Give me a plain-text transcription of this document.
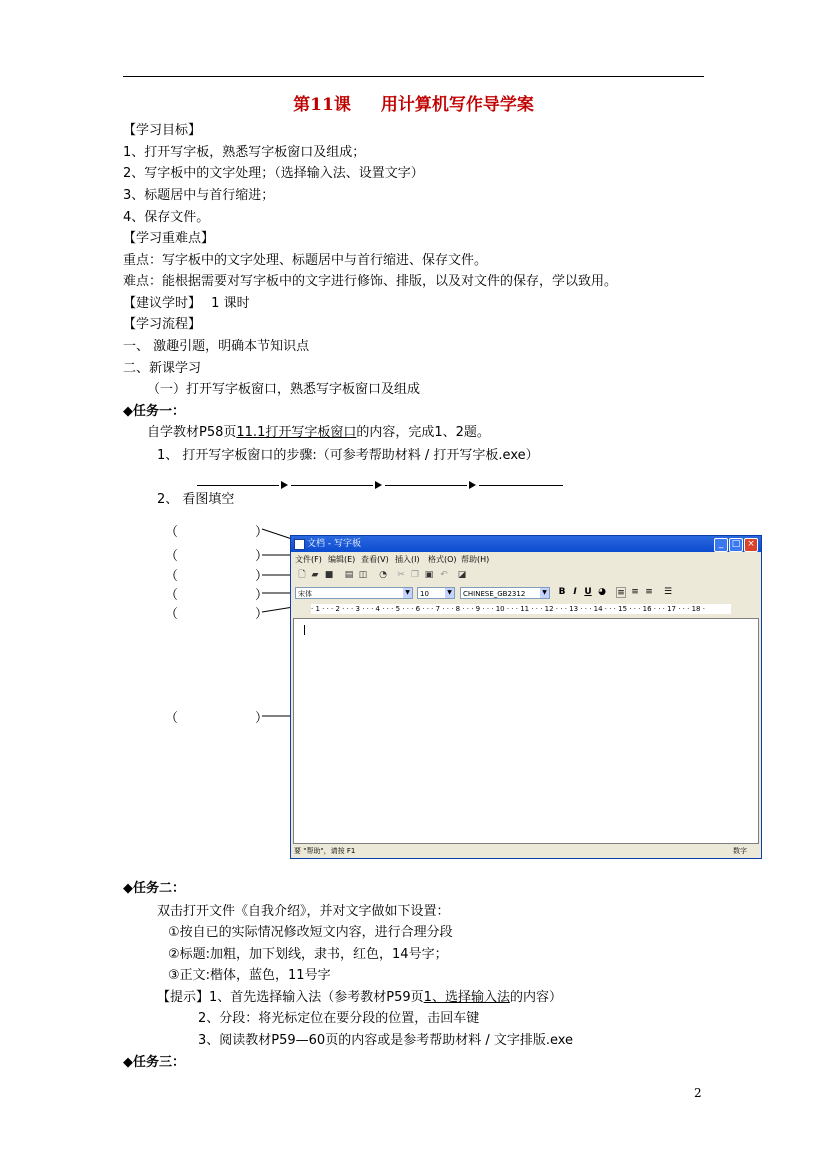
第11课 用计算机写作导学案
【学习目标】
1、打开写字板，熟悉写字板窗口及组成；
2、写字板中的文字处理；（选择输入法、设置文字）
3、标题居中与首行缩进；
4、保存文件。
【学习重难点】
重点：写字板中的文字处理、标题居中与首行缩进、保存文件。
难点：能根据需要对写字板中的文字进行修饰、排版，以及对文件的保存，学以致用。
【建议学时】 1 课时
【学习流程】
一、 激趣引题，明确本节知识点
二、新课学习
（一）打开写字板窗口，熟悉写字板窗口及组成
◆任务一：
自学教材P58页11.1打开写字板窗口的内容，完成1、2题。
1、 打开写字板窗口的步骤:（可参考帮助材料 / 打开写字板.exe）
2、 看图填空
（	）
（	）
（	）
（	）
（	）
（	）
文档 - 写字板	_ □ ×
文件(F) 编辑(E) 查看(V) 插入(I) 格式(O) 帮助(H)
🗋 ▰ ■ ▤ ◫ ◔ ✂ ❐ ▣ ↶ ◪
宋体	▼	10	▼	CHINESE_GB2312	▼ B I U ◕ ≡ ≡ ≡ ☰
· 1 · · · 2 · · · 3 · · · 4 · · · 5 · · · 6 · · · 7 · · · 8 · · · 9 · · · 10 · · · 11 · · · 12 · · · 13 · · · 14 · · · 15 · · · 16 · · · 17 · · · 18 ·
要 "帮助"，请按 F1	数字
◆任务二：
双击打开文件《自我介绍》，并对文字做如下设置：
①按自已的实际情况修改短文内容，进行合理分段
②标题:加粗，加下划线，隶书，红色，14号字；
③正文:楷体，蓝色，11号字
【提示】1、首先选择输入法（参考教材P59页1、选择输入法的内容）
2、分段：将光标定位在要分段的位置，击回车键
3、阅读教材P59—60页的内容或是参考帮助材料 / 文字排版.exe
◆任务三：
2
